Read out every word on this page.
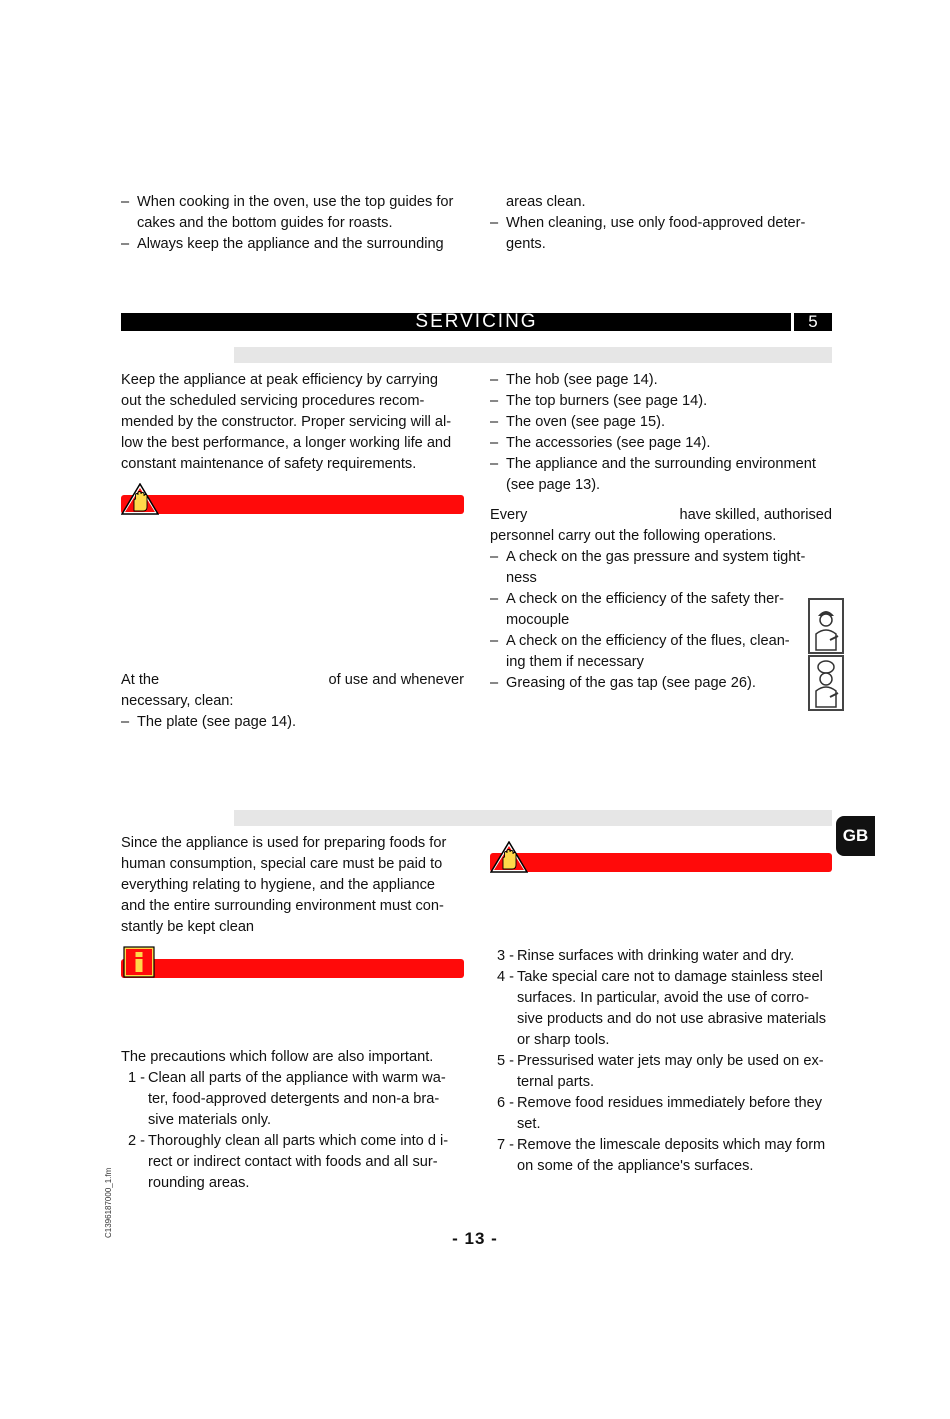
– When cooking in the oven, use the top guides for
cakes and the bottom guides for roasts.
– Always keep the appliance and the surrounding
areas clean.
– When cleaning, use only food-approved deter-
gents.
SERVICING	5
Keep the appliance at peak efficiency by carrying
out the scheduled servicing procedures recom-
mended by the constructor. Proper servicing will al-
low the best performance, a longer working life and
constant maintenance of safety requirements.
At the	of use and whenever
necessary, clean:
– The plate (see page 14).
– The hob (see page 14).
– The top burners (see page 14).
– The oven (see page 15).
– The accessories (see page 14).
– The appliance and the surrounding environment
(see page 13).
Every	have skilled, authorised
personnel carry out the following operations.
– A check on the gas pressure and system tight-
ness
– A check on the efficiency of the safety ther-
mocouple
– A check on the efficiency of the flues, clean-
ing them if necessary
– Greasing of the gas tap (see page 26).
GB
Since the appliance is used for preparing foods for
human consumption, special care must be paid to
everything relating to hygiene, and the appliance
and the entire surrounding environment must con-
stantly be kept clean
The precautions which follow are also important.
1 - Clean all parts of the appliance with warm wa-
ter, food-approved detergents and non-a bra-
sive materials only.
2 - Thoroughly clean all parts which come into d i-
rect or indirect contact with foods and all sur-
rounding areas.
3 - Rinse surfaces with drinking water and dry.
4 - Take special care not to damage stainless steel
surfaces. In particular, avoid the use of corro-
sive products and do not use abrasive materials
or sharp tools.
5 - Pressurised water jets may only be used on ex-
ternal parts.
6 - Remove food residues immediately before they
set.
7 - Remove the limescale deposits which may form
on some of the appliance's surfaces.
C1396187000_1.fm
- 13 -
